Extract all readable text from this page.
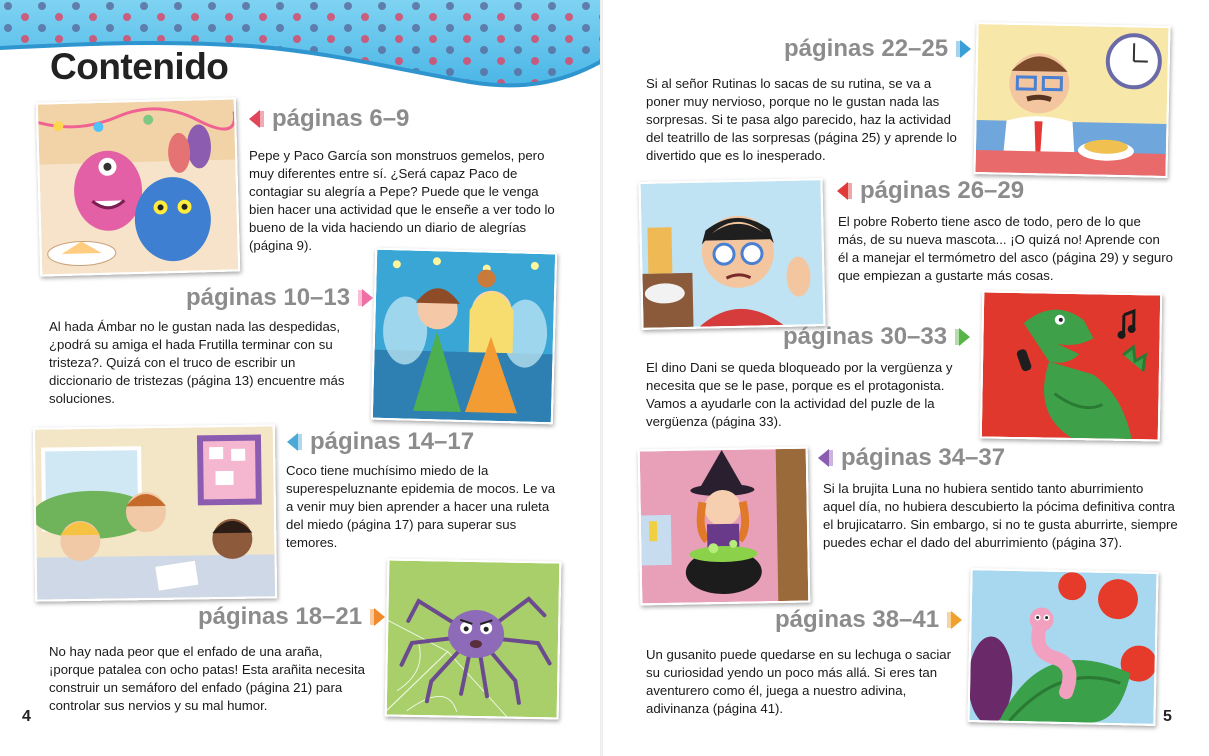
Contenido
páginas 6–9

Pepe y Paco García son monstruos gemelos, pero muy diferentes entre sí. ¿Será capaz Paco de contagiar su alegría a Pepe? Puede que le venga bien hacer una actividad que le enseñe a ver todo lo bueno de la vida haciendo un diario de alegrías (página 9).

páginas 10–13

Al hada Ámbar no le gustan nada las despedidas, ¿podrá su amiga el hada Frutilla terminar con su tristeza?. Quizá con el truco de escribir un diccionario de tristezas (página 13) encuentre más soluciones.

páginas 14–17

Coco tiene muchísimo miedo de la superespeluznante epidemia de mocos. Le va a venir muy bien aprender a hacer una ruleta del miedo (página 17) para superar sus temores.

páginas 18–21

No hay nada peor que el enfado de una araña, ¡porque patalea con ocho patas! Esta arañita necesita construir un semáforo del enfado (página 21) para controlar sus nervios y su mal humor.

4
páginas 22–25

Si al señor Rutinas lo sacas de su rutina, se va a poner muy nervioso, porque no le gustan nada las sorpresas. Si te pasa algo parecido, haz la actividad del teatrillo de las sorpresas (página 25) y aprende lo divertido que es lo inesperado.

páginas 26–29

El pobre Roberto tiene asco de todo, pero de lo que más, de su nueva mascota... ¡O quizá no! Aprende con él a manejar el termómetro del asco (página 29) y seguro que empiezan a gustarte más cosas.

páginas 30–33

El dino Dani se queda bloqueado por la vergüenza y necesita que se le pase, porque es el protagonista. Vamos a ayudarle con la actividad del puzle de la vergüenza (página 33).

páginas 34–37

Si la brujita Luna no hubiera sentido tanto aburrimiento aquel día, no hubiera descubierto la pócima definitiva contra el brujicatarro. Sin embargo, si no te gusta aburrirte, siempre puedes echar el dado del aburrimiento (página 37).

páginas 38–41

Un gusanito puede quedarse en su lechuga o saciar su curiosidad yendo un poco más allá. Si eres tan aventurero como él, juega a nuestro adivina, adivinanza (página 41).	5
